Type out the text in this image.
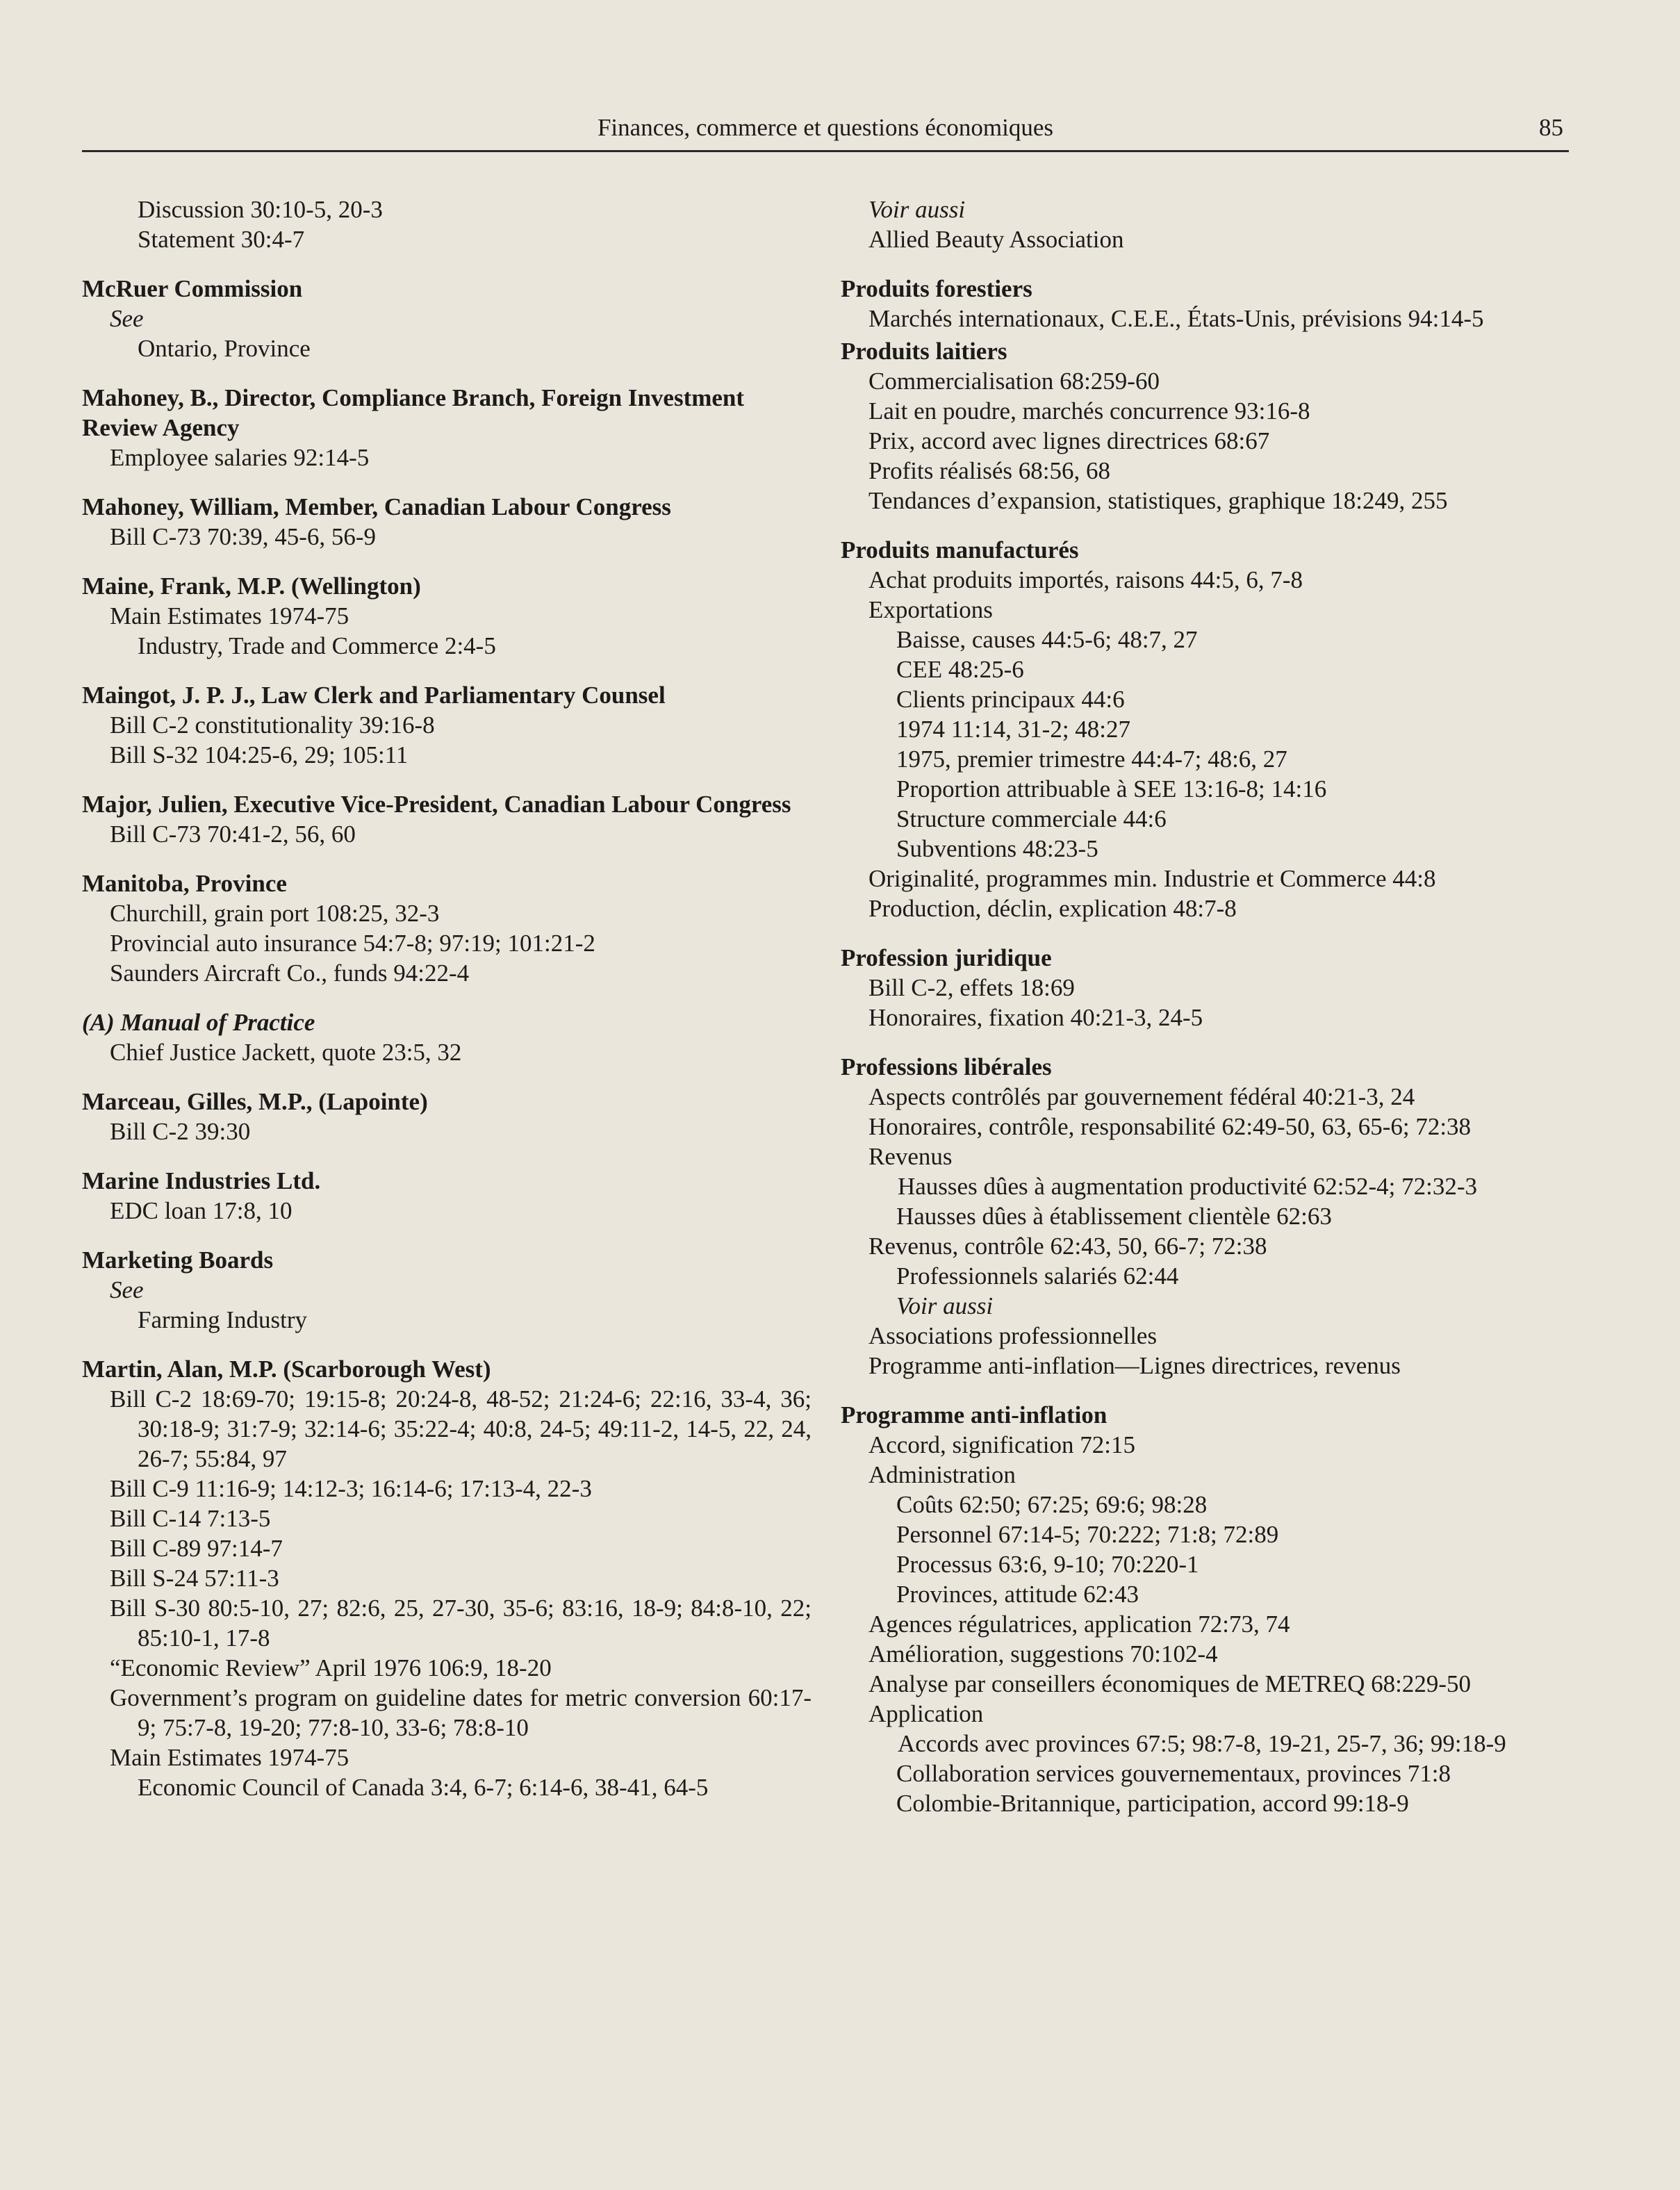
Finances, commerce et questions économiques	85
Discussion 30:10-5, 20-3
Statement 30:4-7
McRuer Commission
See
Ontario, Province
Mahoney, B., Director, Compliance Branch, Foreign Investment Review Agency
Employee salaries 92:14-5
Mahoney, William, Member, Canadian Labour Congress
Bill C-73 70:39, 45-6, 56-9
Maine, Frank, M.P. (Wellington)
Main Estimates 1974-75
Industry, Trade and Commerce 2:4-5
Maingot, J. P. J., Law Clerk and Parliamentary Counsel
Bill C-2 constitutionality 39:16-8
Bill S-32 104:25-6, 29; 105:11
Major, Julien, Executive Vice-President, Canadian Labour Congress
Bill C-73 70:41-2, 56, 60
Manitoba, Province
Churchill, grain port 108:25, 32-3
Provincial auto insurance 54:7-8; 97:19; 101:21-2
Saunders Aircraft Co., funds 94:22-4
(A) Manual of Practice
Chief Justice Jackett, quote 23:5, 32
Marceau, Gilles, M.P., (Lapointe)
Bill C-2 39:30
Marine Industries Ltd.
EDC loan 17:8, 10
Marketing Boards
See
Farming Industry
Martin, Alan, M.P. (Scarborough West)
Bill C-2 18:69-70; 19:15-8; 20:24-8, 48-52; 21:24-6; 22:16, 33-4, 36; 30:18-9; 31:7-9; 32:14-6; 35:22-4; 40:8, 24-5; 49:11-2, 14-5, 22, 24, 26-7; 55:84, 97
Bill C-9 11:16-9; 14:12-3; 16:14-6; 17:13-4, 22-3
Bill C-14 7:13-5
Bill C-89 97:14-7
Bill S-24 57:11-3
Bill S-30 80:5-10, 27; 82:6, 25, 27-30, 35-6; 83:16, 18-9; 84:8-10, 22; 85:10-1, 17-8
“Economic Review” April 1976 106:9, 18-20
Government’s program on guideline dates for metric conversion 60:17-9; 75:7-8, 19-20; 77:8-10, 33-6; 78:8-10
Main Estimates 1974-75
Economic Council of Canada 3:4, 6-7; 6:14-6, 38-41, 64-5
Voir aussi
Allied Beauty Association
Produits forestiers
Marchés internationaux, C.E.E., États-Unis, prévisions 94:14-5
Produits laitiers
Commercialisation 68:259-60
Lait en poudre, marchés concurrence 93:16-8
Prix, accord avec lignes directrices 68:67
Profits réalisés 68:56, 68
Tendances d’expansion, statistiques, graphique 18:249, 255
Produits manufacturés
Achat produits importés, raisons 44:5, 6, 7-8
Exportations
Baisse, causes 44:5-6; 48:7, 27
CEE 48:25-6
Clients principaux 44:6
1974 11:14, 31-2; 48:27
1975, premier trimestre 44:4-7; 48:6, 27
Proportion attribuable à SEE 13:16-8; 14:16
Structure commerciale 44:6
Subventions 48:23-5
Originalité, programmes min. Industrie et Commerce 44:8
Production, déclin, explication 48:7-8
Profession juridique
Bill C-2, effets 18:69
Honoraires, fixation 40:21-3, 24-5
Professions libérales
Aspects contrôlés par gouvernement fédéral 40:21-3, 24
Honoraires, contrôle, responsabilité 62:49-50, 63, 65-6; 72:38
Revenus
Hausses dûes à augmentation productivité 62:52-4; 72:32-3
Hausses dûes à établissement clientèle 62:63
Revenus, contrôle 62:43, 50, 66-7; 72:38
Professionnels salariés 62:44
Voir aussi
Associations professionnelles
Programme anti-inflation—Lignes directrices, revenus
Programme anti-inflation
Accord, signification 72:15
Administration
Coûts 62:50; 67:25; 69:6; 98:28
Personnel 67:14-5; 70:222; 71:8; 72:89
Processus 63:6, 9-10; 70:220-1
Provinces, attitude 62:43
Agences régulatrices, application 72:73, 74
Amélioration, suggestions 70:102-4
Analyse par conseillers économiques de METREQ 68:229-50
Application
Accords avec provinces 67:5; 98:7-8, 19-21, 25-7, 36; 99:18-9
Collaboration services gouvernementaux, provinces 71:8
Colombie-Britannique, participation, accord 99:18-9
